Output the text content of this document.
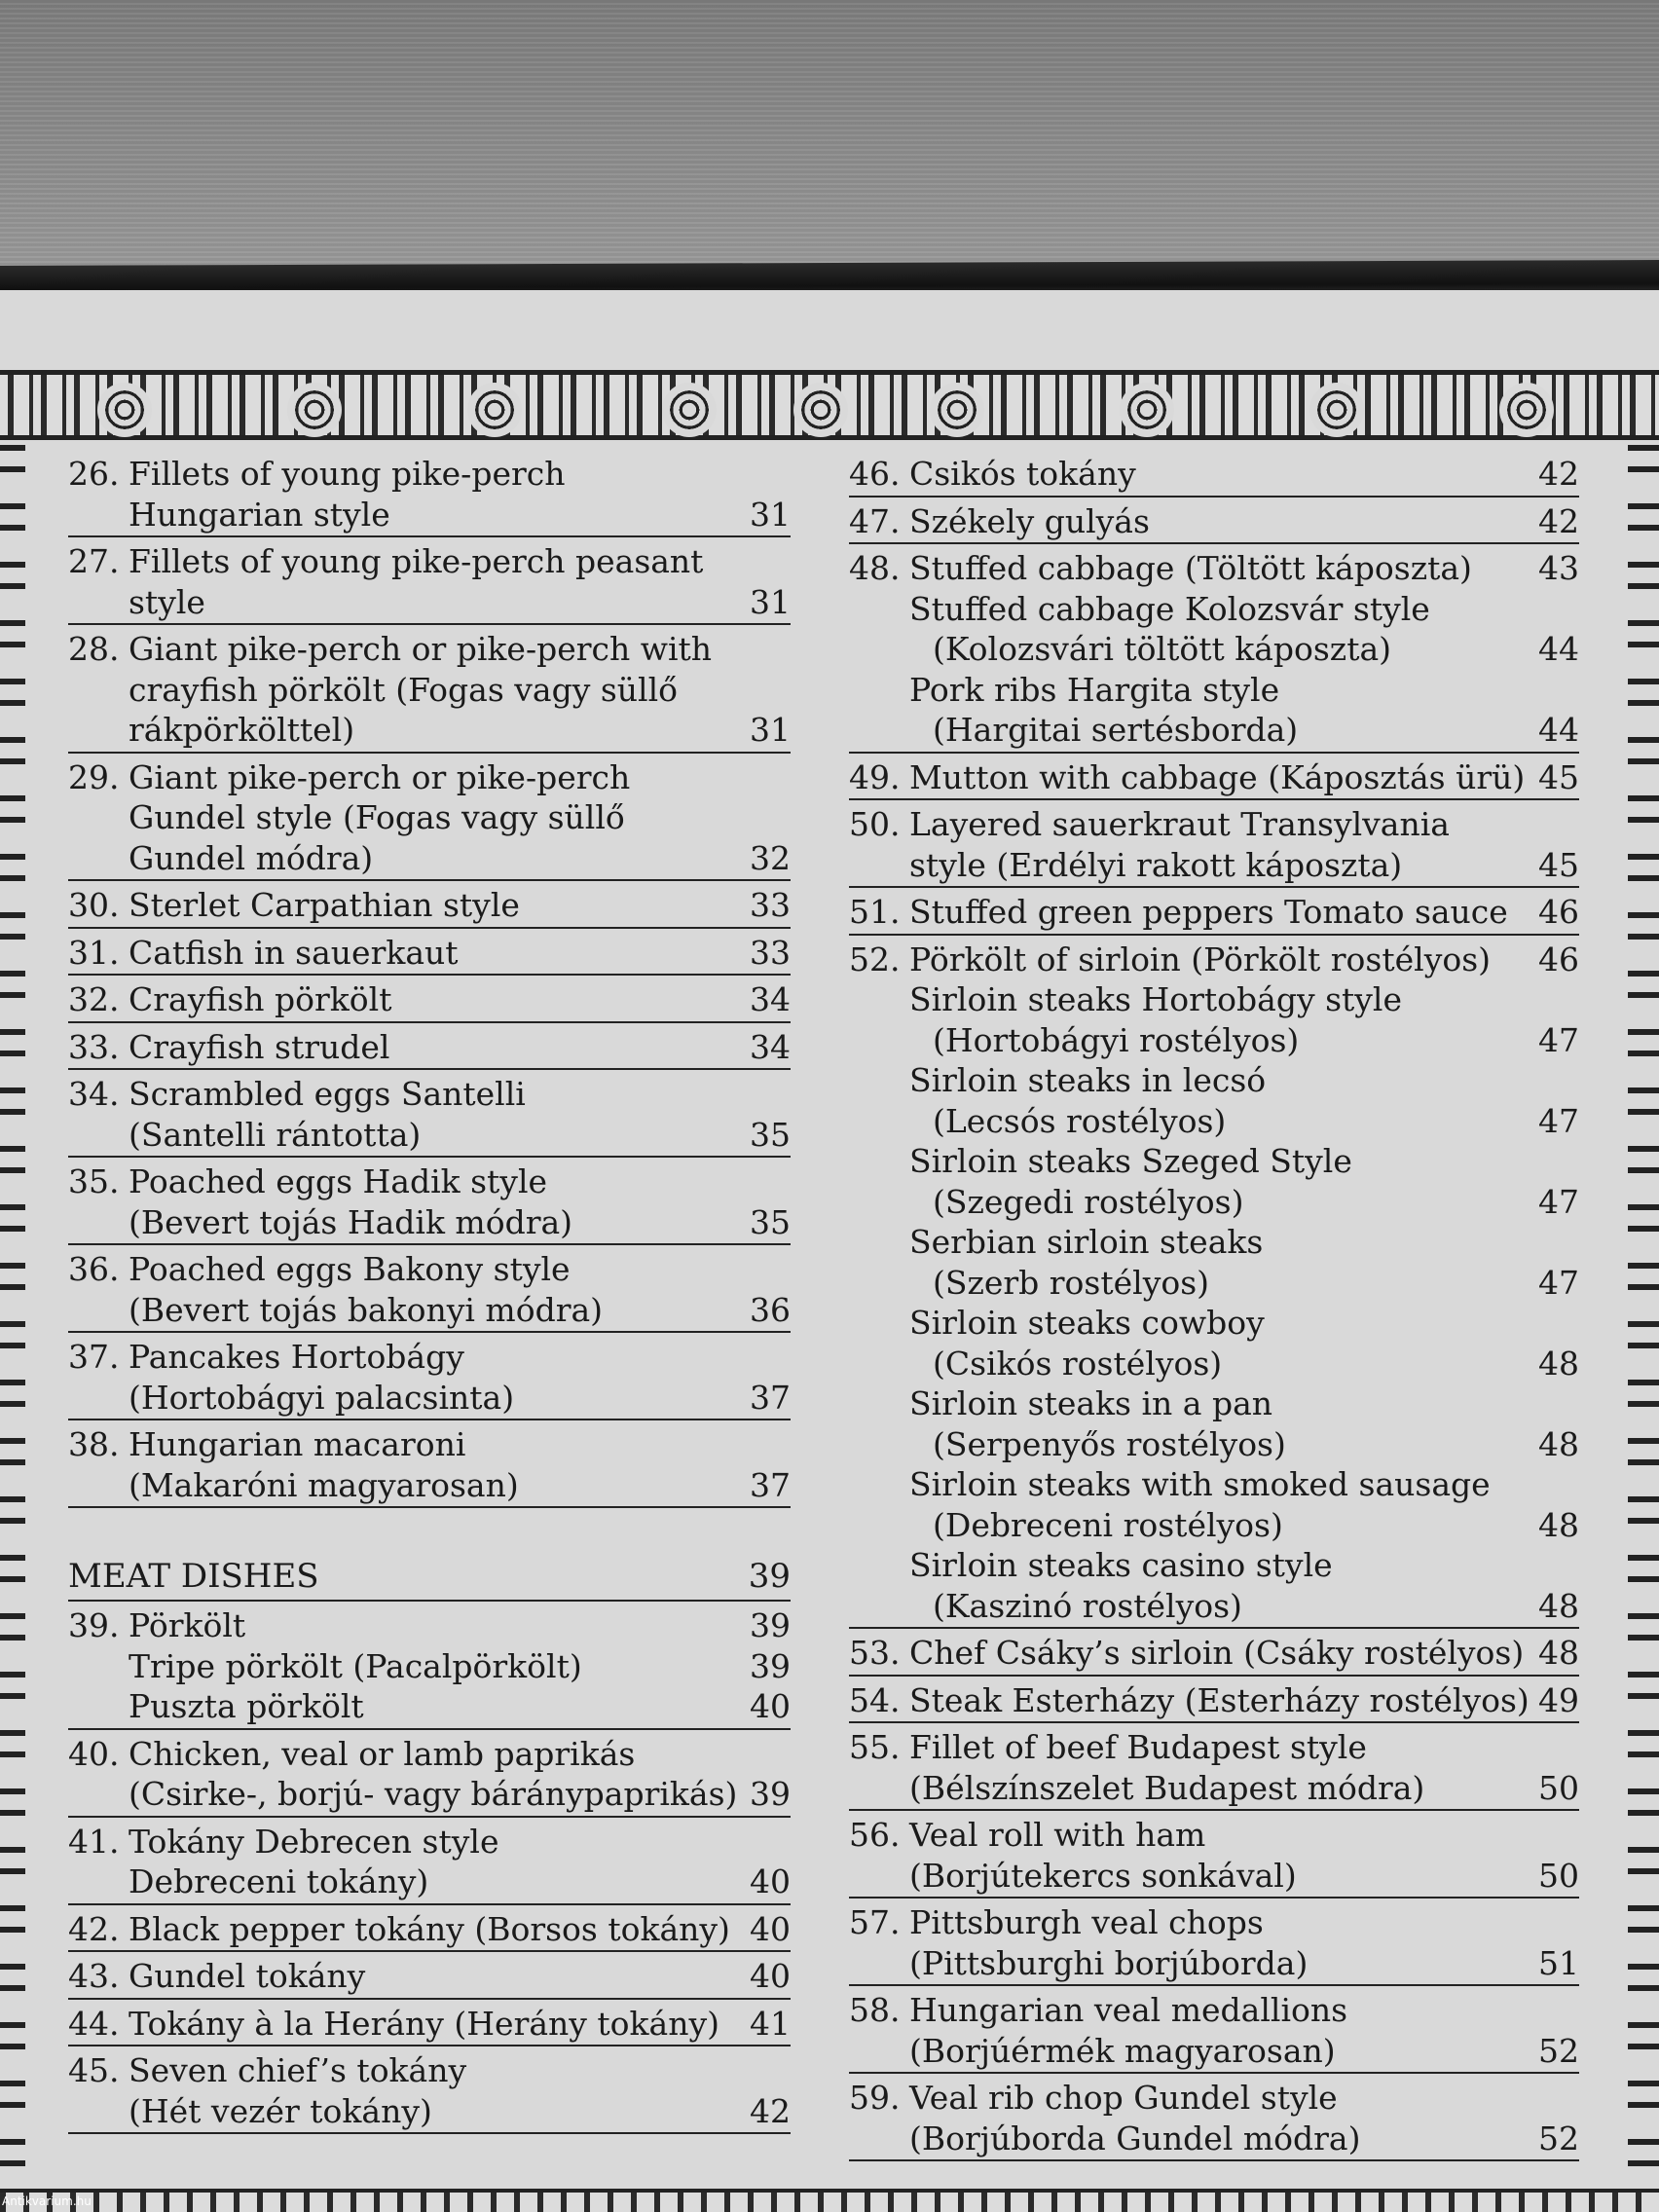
26. Fillets of young pike-perch
Hungarian style	31
27. Fillets of young pike-perch peasant
style	31
28. Giant pike-perch or pike-perch with
crayfish pörkölt (Fogas vagy süllő
rákpörkölttel)	31
29. Giant pike-perch or pike-perch
Gundel style (Fogas vagy süllő
Gundel módra)	32
30. Sterlet Carpathian style	33
31. Catfish in sauerkaut	33
32. Crayfish pörkölt	34
33. Crayfish strudel	34
34. Scrambled eggs Santelli
(Santelli rántotta)	35
35. Poached eggs Hadik style
(Bevert tojás Hadik módra)	35
36. Poached eggs Bakony style
(Bevert tojás bakonyi módra)	36
37. Pancakes Hortobágy
(Hortobágyi palacsinta)	37
38. Hungarian macaroni
(Makaróni magyarosan)	37
MEAT DISHES	39
39. Pörkölt	39
Tripe pörkölt (Pacalpörkölt)	39
Puszta pörkölt	40
40. Chicken, veal or lamb paprikás
(Csirke-, borjú- vagy báránypaprikás) 39
41. Tokány Debrecen style
Debreceni tokány)	40
42. Black pepper tokány (Borsos tokány) 40
43. Gundel tokány	40
44. Tokány à la Herány (Herány tokány) 41
45. Seven chief’s tokány
(Hét vezér tokány)	42
46. Csikós tokány	42
47. Székely gulyás	42
48. Stuffed cabbage (Töltött káposzta) 43
Stuffed cabbage Kolozsvár style
(Kolozsvári töltött káposzta)	44
Pork ribs Hargita style
(Hargitai sertésborda)	44
49. Mutton with cabbage (Káposztás ürü) 45
50. Layered sauerkraut Transylvania
style (Erdélyi rakott káposzta)	45
51. Stuffed green peppers Tomato sauce 46
52. Pörkölt of sirloin (Pörkölt rostélyos) 46
Sirloin steaks Hortobágy style
(Hortobágyi rostélyos)	47
Sirloin steaks in lecsó
(Lecsós rostélyos)	47
Sirloin steaks Szeged Style
(Szegedi rostélyos)	47
Serbian sirloin steaks
(Szerb rostélyos)	47
Sirloin steaks cowboy
(Csikós rostélyos)	48
Sirloin steaks in a pan
(Serpenyős rostélyos)	48
Sirloin steaks with smoked sausage
(Debreceni rostélyos)	48
Sirloin steaks casino style
(Kaszinó rostélyos)	48
53. Chef Csáky’s sirloin (Csáky rostélyos) 48
54. Steak Esterházy (Esterházy rostélyos) 49
55. Fillet of beef Budapest style
(Bélszínszelet Budapest módra)	50
56. Veal roll with ham
(Borjútekercs sonkával)	50
57. Pittsburgh veal chops
(Pittsburghi borjúborda)	51
58. Hungarian veal medallions
(Borjúérmék magyarosan)	52
59. Veal rib chop Gundel style
(Borjúborda Gundel módra)	52
Antikvarium.hu
